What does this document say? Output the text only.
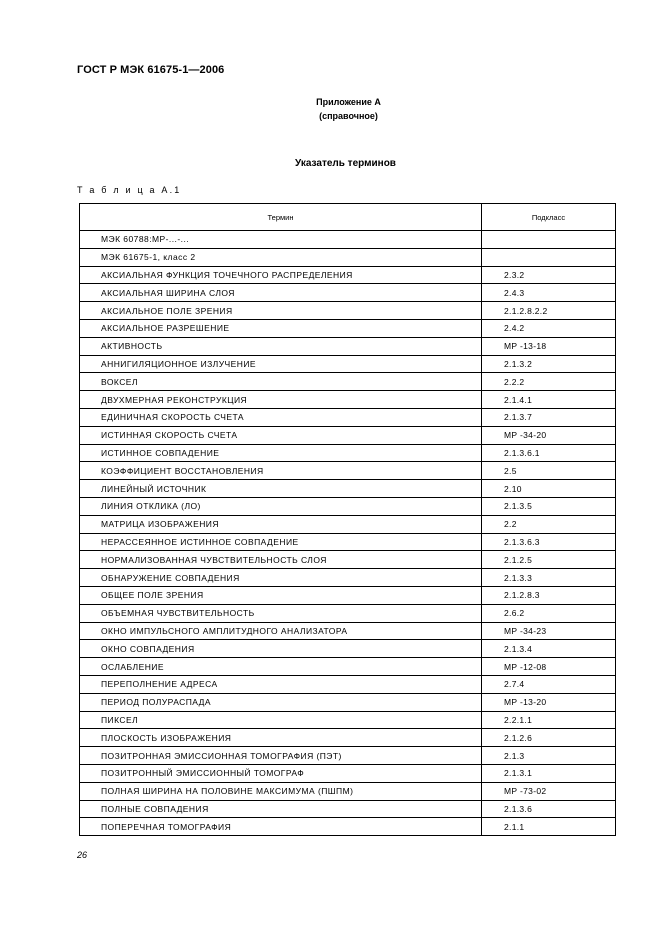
ГОСТ Р МЭК 61675-1—2006
Приложение А
(справочное)
Указатель терминов
Т а б л и ц а А.1
Термин	Подкласс
МЭК 60788:МР-...-...	
МЭК 61675-1, класс 2	
АКСИАЛЬНАЯ ФУНКЦИЯ ТОЧЕЧНОГО РАСПРЕДЕЛЕНИЯ	2.3.2
АКСИАЛЬНАЯ ШИРИНА СЛОЯ	2.4.3
АКСИАЛЬНОЕ ПОЛЕ ЗРЕНИЯ	2.1.2.8.2.2
АКСИАЛЬНОЕ РАЗРЕШЕНИЕ	2.4.2
АКТИВНОСТЬ	МР -13-18
АННИГИЛЯЦИОННОЕ ИЗЛУЧЕНИЕ	2.1.3.2
ВОКСЕЛ	2.2.2
ДВУХМЕРНАЯ РЕКОНСТРУКЦИЯ	2.1.4.1
ЕДИНИЧНАЯ СКОРОСТЬ СЧЕТА	2.1.3.7
ИСТИННАЯ СКОРОСТЬ СЧЕТА	МР -34-20
ИСТИННОЕ СОВПАДЕНИЕ	2.1.3.6.1
КОЭФФИЦИЕНТ ВОССТАНОВЛЕНИЯ	2.5
ЛИНЕЙНЫЙ ИСТОЧНИК	2.10
ЛИНИЯ ОТКЛИКА (ЛО)	2.1.3.5
МАТРИЦА ИЗОБРАЖЕНИЯ	2.2
НЕРАССЕЯННОЕ ИСТИННОЕ СОВПАДЕНИЕ	2.1.3.6.3
НОРМАЛИЗОВАННАЯ ЧУВСТВИТЕЛЬНОСТЬ СЛОЯ	2.1.2.5
ОБНАРУЖЕНИЕ СОВПАДЕНИЯ	2.1.3.3
ОБЩЕЕ ПОЛЕ ЗРЕНИЯ	2.1.2.8.3
ОБЪЕМНАЯ ЧУВСТВИТЕЛЬНОСТЬ	2.6.2
ОКНО ИМПУЛЬСНОГО АМПЛИТУДНОГО АНАЛИЗАТОРА	МР -34-23
ОКНО СОВПАДЕНИЯ	2.1.3.4
ОСЛАБЛЕНИЕ	МР -12-08
ПЕРЕПОЛНЕНИЕ АДРЕСА	2.7.4
ПЕРИОД ПОЛУРАСПАДА	МР -13-20
ПИКСЕЛ	2.2.1.1
ПЛОСКОСТЬ ИЗОБРАЖЕНИЯ	2.1.2.6
ПОЗИТРОННАЯ ЭМИССИОННАЯ ТОМОГРАФИЯ (ПЭТ)	2.1.3
ПОЗИТРОННЫЙ ЭМИССИОННЫЙ ТОМОГРАФ	2.1.3.1
ПОЛНАЯ ШИРИНА НА ПОЛОВИНЕ МАКСИМУМА (ПШПМ)	МР -73-02
ПОЛНЫЕ СОВПАДЕНИЯ	2.1.3.6
ПОПЕРЕЧНАЯ ТОМОГРАФИЯ	2.1.1
26
